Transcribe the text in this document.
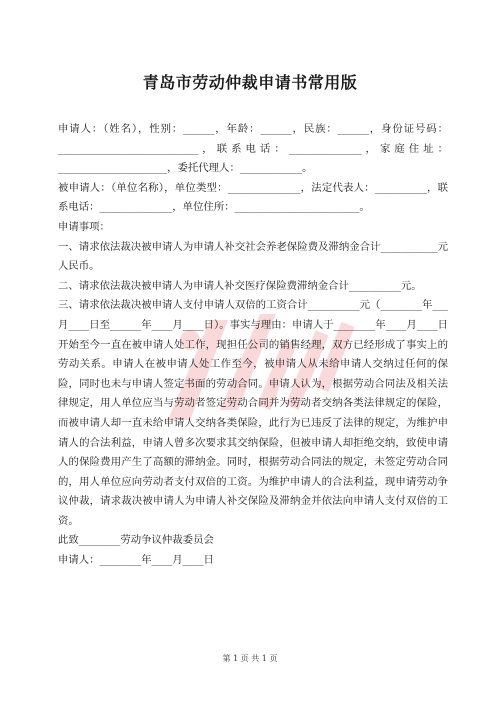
青岛市劳动仲裁申请书常用版

申请人：（姓名），性别：______，年龄：______，民族：______，身份证号码：___________________________，联系电话：______________，家庭住址：_____________________，委托代理人：____________。

被申请人：（单位名称），单位类型：______________，法定代表人：__________，联系电话：______________，单位住所：________________________。

申请事项：

一、请求依法裁决被申请人为申请人补交社会养老保险费及滞纳金合计___________元人民币。

二、请求依法裁决被申请人为申请人补交医疗保险费滞纳金合计__________元。

三、请求依法裁决被申请人支付申请人双倍的工资合计__________元（________年___月____日至______年____月____日）。事实与理由：申请人于________年____月____日开始至今一直在被申请人处工作，现担任公司的销售经理，双方已经形成了事实上的劳动关系。申请人在被申请人处工作至今，被申请人从未给申请人交纳过任何的保险，同时也未与申请人签定书面的劳动合同。申请人认为，根据劳动合同法及相关法律规定，用人单位应当与劳动者签定劳动合同并为劳动者交纳各类法律规定的保险，而被申请人却一直未给申请人交纳各类保险，此行为已违反了法律的规定，为维护申请人的合法利益，申请人曾多次要求其交纳保险，但被申请人却拒绝交纳，致使申请人的保险费用产生了高额的滞纳金。同时，根据劳动合同法的规定，未签定劳动合同的，用人单位应向劳动者支付双倍的工资。为维护申请人的合法利益，现申请劳动争议仲裁，请求裁决被申请人为申请人补交保险及滞纳金并依法向申请人支付双倍的工资。

此致________劳动争议仲裁委员会

申请人：________年____月____日

第 1 页 共 1 页
